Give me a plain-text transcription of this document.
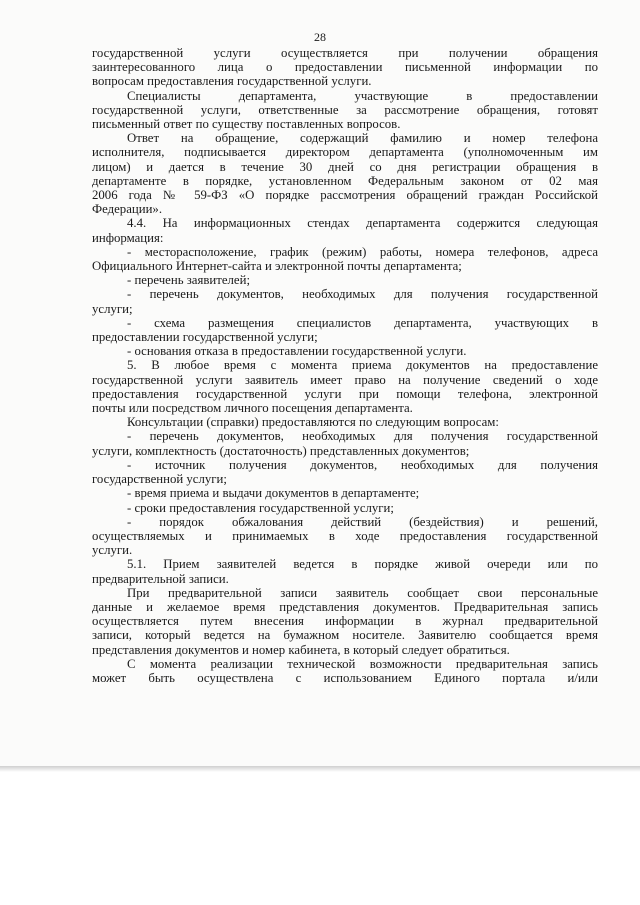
28

государственной услуги осуществляется при получении обращения

заинтересованного лица о предоставлении письменной информации по

вопросам предоставления государственной услуги.

Специалисты департамента, участвующие в предоставлении

государственной услуги, ответственные за рассмотрение обращения, готовят

письменный ответ по существу поставленных вопросов.

Ответ на обращение, содержащий фамилию и номер телефона

исполнителя, подписывается директором департамента (уполномоченным им

лицом) и дается в течение 30 дней со дня регистрации обращения в

департаменте в порядке, установленном Федеральным законом от 02 мая

2006 года № 59-ФЗ «О порядке рассмотрения обращений граждан Российской

Федерации».

4.4. На информационных стендах департамента содержится следующая

информация:

- месторасположение, график (режим) работы, номера телефонов, адреса

Официального Интернет-сайта и электронной почты департамента;

- перечень заявителей;

- перечень документов, необходимых для получения государственной

услуги;

- схема размещения специалистов департамента, участвующих в

предоставлении государственной услуги;

- основания отказа в предоставлении государственной услуги.

5. В любое время с момента приема документов на предоставление

государственной услуги заявитель имеет право на получение сведений о ходе

предоставления государственной услуги при помощи телефона, электронной

почты или посредством личного посещения департамента.

Консультации (справки) предоставляются по следующим вопросам:

- перечень документов, необходимых для получения государственной

услуги, комплектность (достаточность) представленных документов;

- источник получения документов, необходимых для получения

государственной услуги;

- время приема и выдачи документов в департаменте;

- сроки предоставления государственной услуги;

- порядок обжалования действий (бездействия) и решений,

осуществляемых и принимаемых в ходе предоставления государственной

услуги.

5.1. Прием заявителей ведется в порядке живой очереди или по

предварительной записи.

При предварительной записи заявитель сообщает свои персональные

данные и желаемое время представления документов. Предварительная запись

осуществляется путем внесения информации в журнал предварительной

записи, который ведется на бумажном носителе. Заявителю сообщается время

представления документов и номер кабинета, в который следует обратиться.

С момента реализации технической возможности предварительная запись

может быть осуществлена с использованием Единого портала и/или
